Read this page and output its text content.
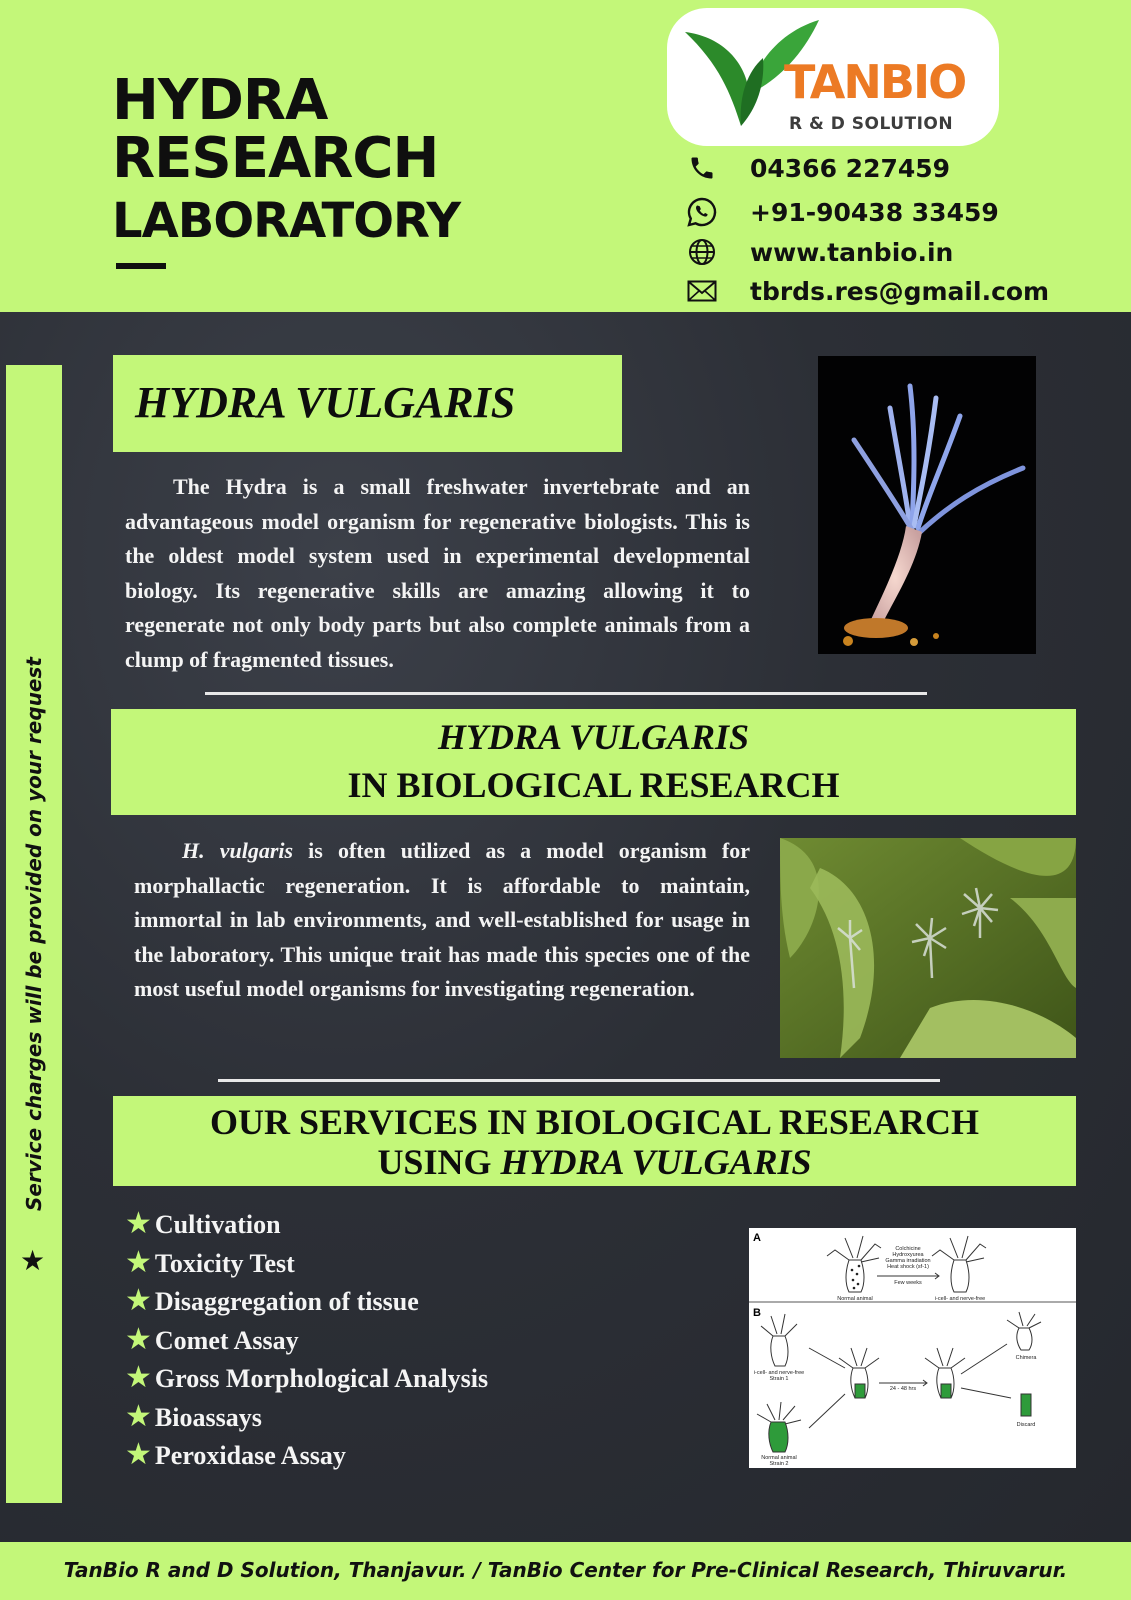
HYDRA
RESEARCH
LABORATORY
TANBIO
R & D SOLUTION
04366 227459
+91-90438 33459
www.tanbio.in
tbrds.res@gmail.com
Service charges will be provided on your request
★
HYDRA VULGARIS
The Hydra is a small freshwater invertebrate and an advantageous model organism for regenerative biologists. This is the oldest model system used in experimental developmental biology. Its regenerative skills are amazing allowing it to regenerate not only body parts but also complete animals from a clump of fragmented tissues.
HYDRA VULGARIS
IN BIOLOGICAL RESEARCH
H. vulgaris is often utilized as a model organism for morphallactic regeneration. It is affordable to maintain, immortal in lab environments, and well-established for usage in the laboratory. This unique trait has made this species one of the most useful model organisms for investigating regeneration.
OUR SERVICES IN BIOLOGICAL RESEARCH
USING HYDRA VULGARIS
★ Cultivation
★ Toxicity Test
★ Disaggregation of tissue
★ Comet Assay
★ Gross Morphological Analysis
★ Bioassays
★ Peroxidase Assay
A
B
Colchicine
Hydroxyurea
Gamma irradiation
Heat shock (sf-1)
Few weeks
Normal animal	i-cell- and nerve-free
i-cell- and nerve-free
Strain 1
Normal animal
Strain 2
24 - 48 hrs
Chimera
Discard
TanBio R and D Solution, Thanjavur. / TanBio Center for Pre-Clinical Research, Thiruvarur.
